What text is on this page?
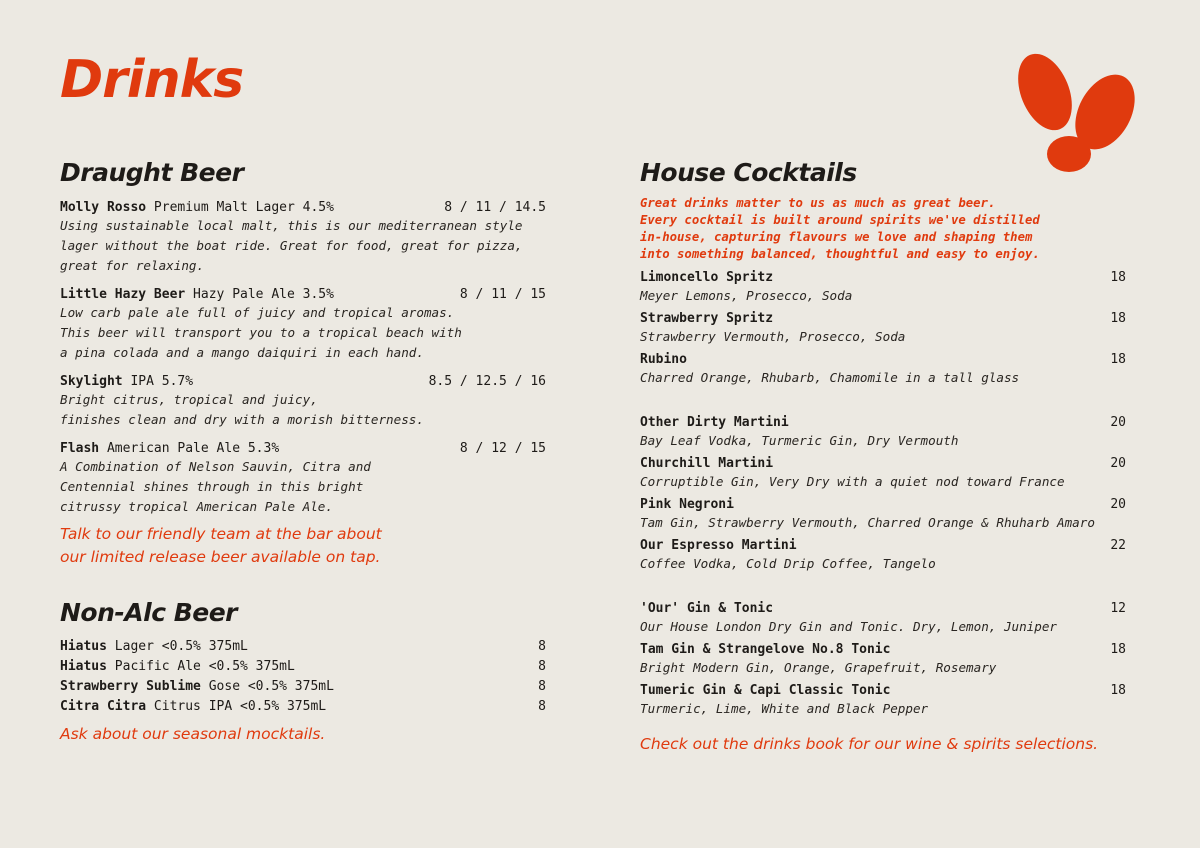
Drinks
Draught Beer
Molly Rosso Premium Malt Lager 4.5%	8 / 11 / 14.5
Using sustainable local malt, this is our mediterranean style
lager without the boat ride. Great for food, great for pizza,
great for relaxing.
Little Hazy Beer Hazy Pale Ale 3.5%	8 / 11 / 15
Low carb pale ale full of juicy and tropical aromas.
This beer will transport you to a tropical beach with
a pina colada and a mango daiquiri in each hand.
Skylight IPA 5.7%	8.5 / 12.5 / 16
Bright citrus, tropical and juicy,
finishes clean and dry with a morish bitterness.
Flash American Pale Ale 5.3%	8 / 12 / 15
A Combination of Nelson Sauvin, Citra and
Centennial shines through in this bright
citrussy tropical American Pale Ale.
Talk to our friendly team at the bar about
our limited release beer available on tap.
Non-Alc Beer
Hiatus Lager <0.5% 375mL	8
Hiatus Pacific Ale <0.5% 375mL	8
Strawberry Sublime Gose <0.5% 375mL	8
Citra Citra Citrus IPA <0.5% 375mL	8
Ask about our seasonal mocktails.
House Cocktails
Great drinks matter to us as much as great beer.
Every cocktail is built around spirits we've distilled
in-house, capturing flavours we love and shaping them
into something balanced, thoughtful and easy to enjoy.
Limoncello Spritz	18
Meyer Lemons, Prosecco, Soda
Strawberry Spritz	18
Strawberry Vermouth, Prosecco, Soda
Rubino	18
Charred Orange, Rhubarb, Chamomile in a tall glass
Other Dirty Martini	20
Bay Leaf Vodka, Turmeric Gin, Dry Vermouth
Churchill Martini	20
Corruptible Gin, Very Dry with a quiet nod toward France
Pink Negroni	20
Tam Gin, Strawberry Vermouth, Charred Orange & Rhuharb Amaro
Our Espresso Martini	22
Coffee Vodka, Cold Drip Coffee, Tangelo
'Our' Gin & Tonic	12
Our House London Dry Gin and Tonic. Dry, Lemon, Juniper
Tam Gin & Strangelove No.8 Tonic	18
Bright Modern Gin, Orange, Grapefruit, Rosemary
Tumeric Gin & Capi Classic Tonic	18
Turmeric, Lime, White and Black Pepper
Check out the drinks book for our wine & spirits selections.
